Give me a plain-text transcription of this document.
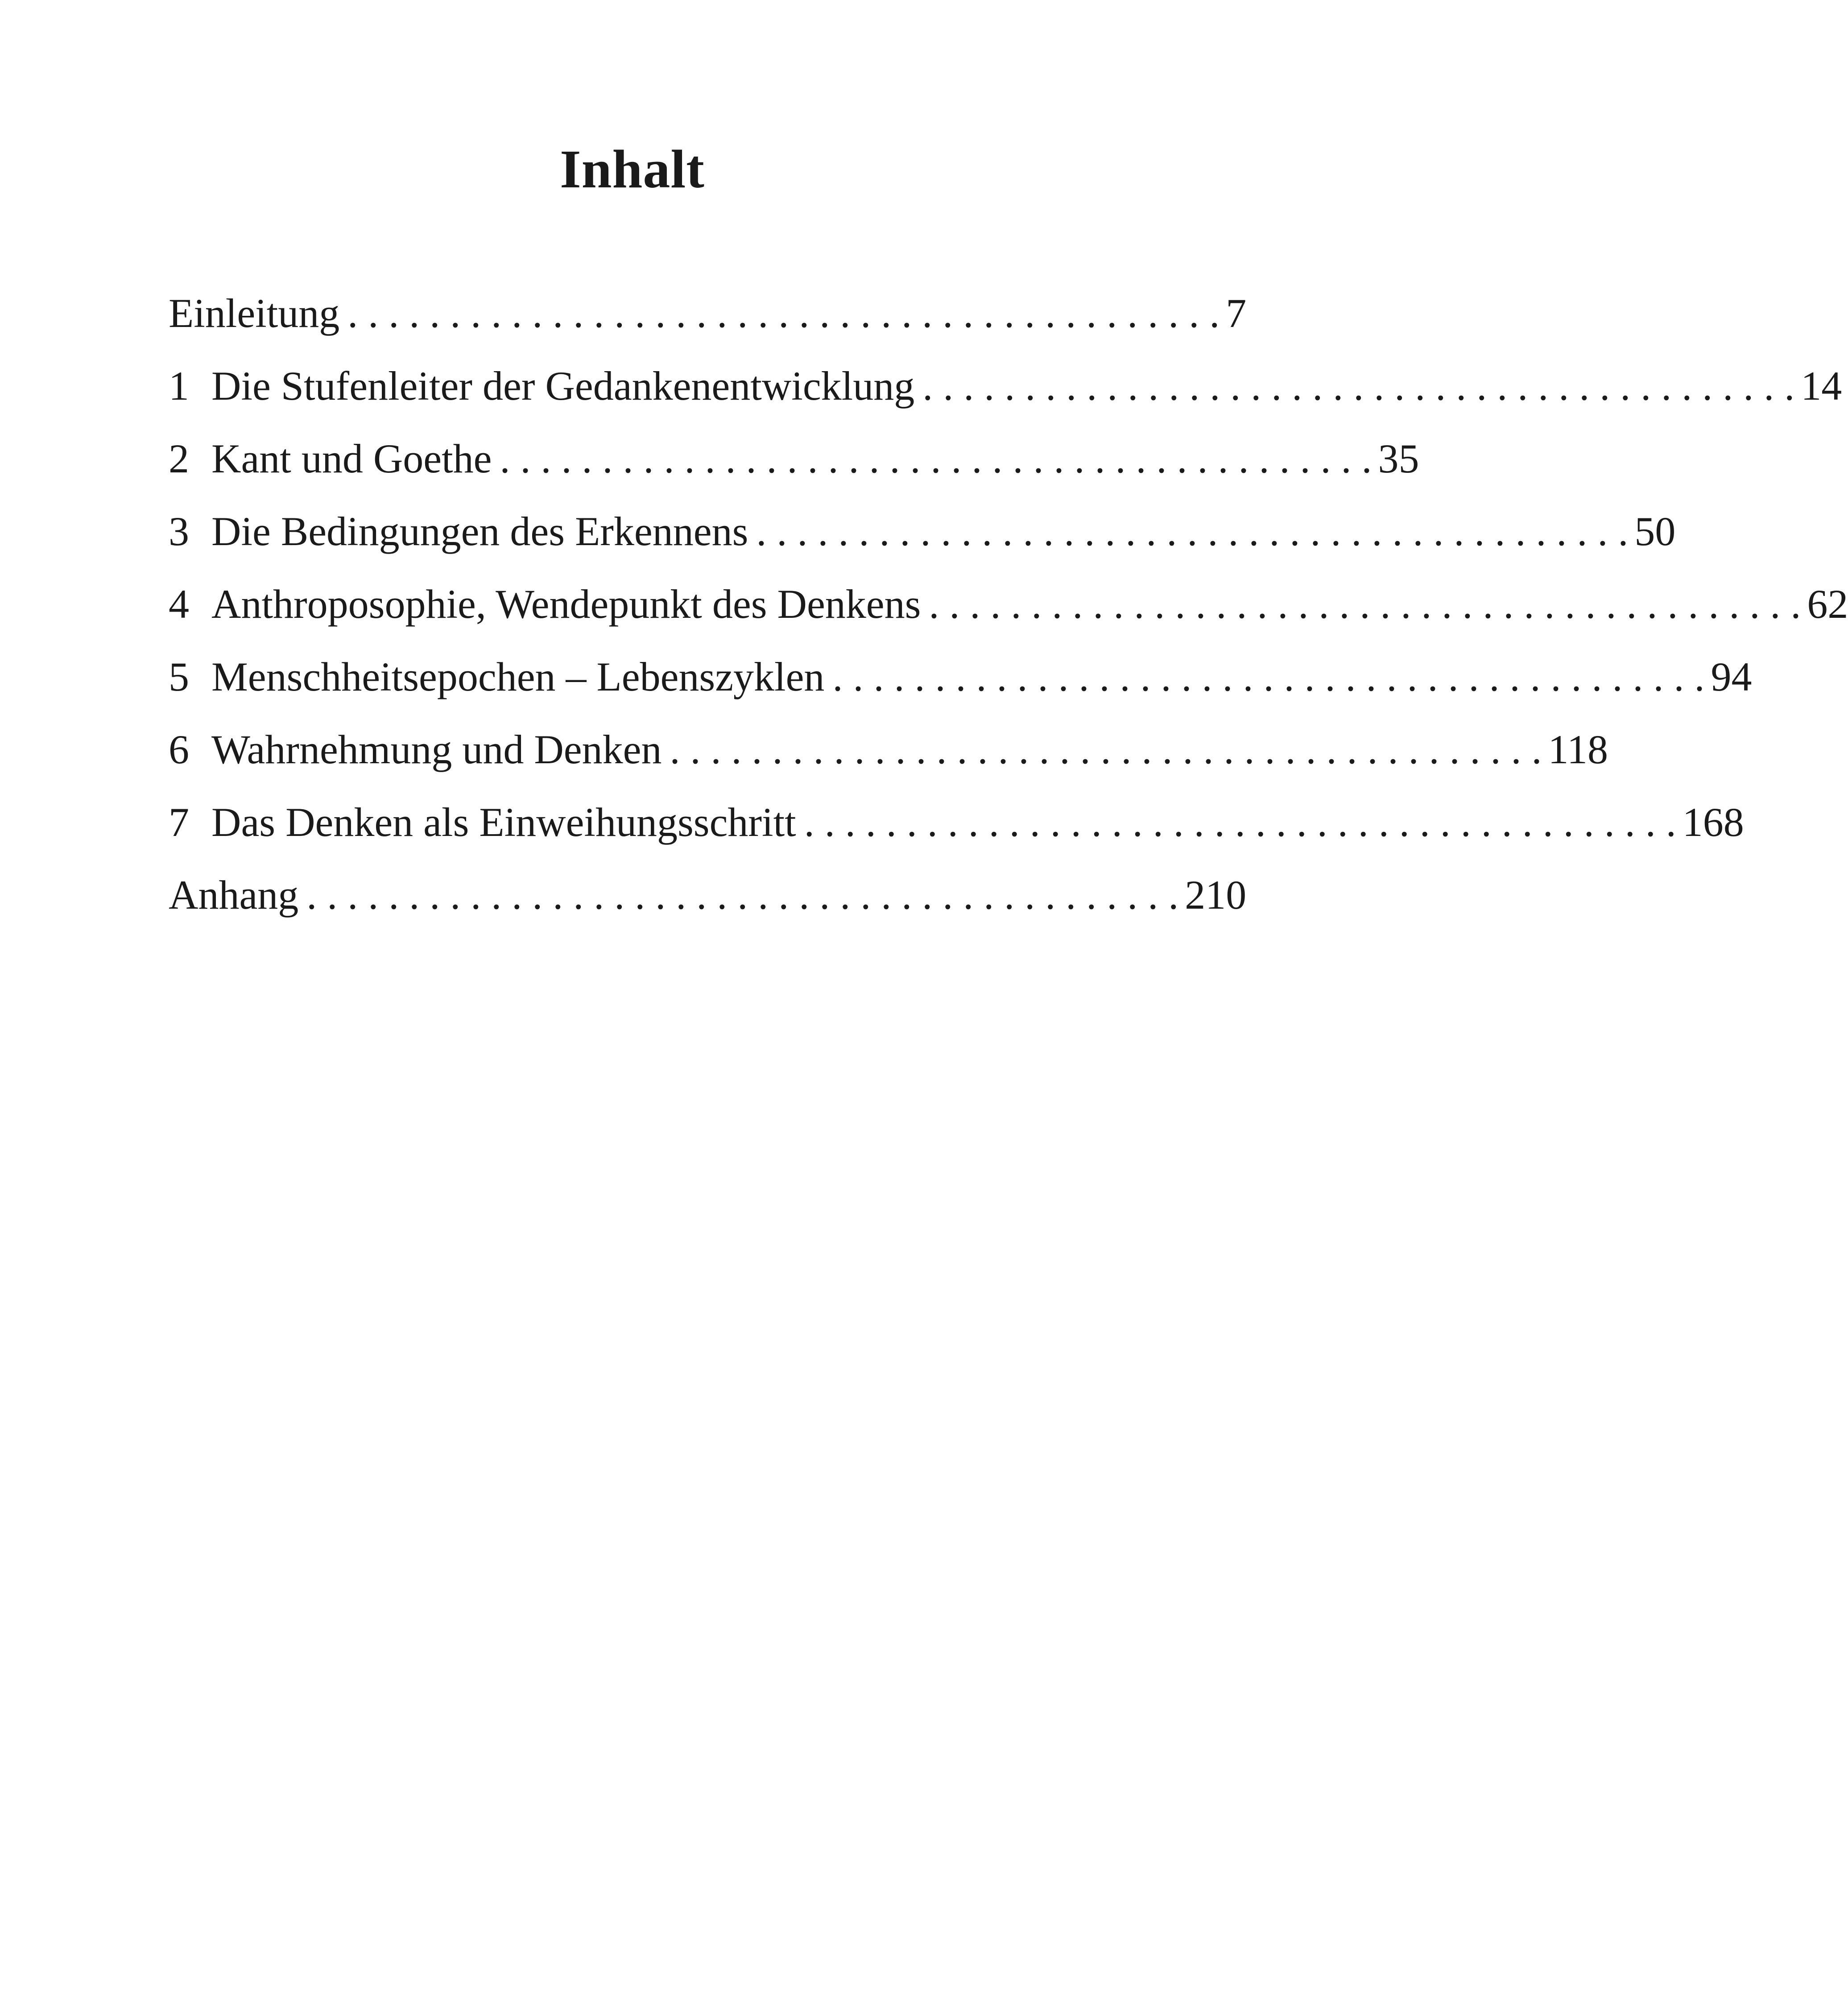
Inhalt
Einleitung . . . . . . . . . . . . . . . . . . . . . . . . . . . . . . . . . . . . . . . . . . . 7
1 Die Stufenleiter der Gedankenentwicklung . . . . . . . . . . . . . . . . . . . . . . . . . . . . . . . . . . . . . . . . . . . 14
2 Kant und Goethe . . . . . . . . . . . . . . . . . . . . . . . . . . . . . . . . . . . . . . . . . . . 35
3 Die Bedingungen des Erkennens . . . . . . . . . . . . . . . . . . . . . . . . . . . . . . . . . . . . . . . . . . . 50
4 Anthroposophie, Wendepunkt des Denkens . . . . . . . . . . . . . . . . . . . . . . . . . . . . . . . . . . . . . . . . . . . 62
5 Menschheitsepochen – Lebenszyklen . . . . . . . . . . . . . . . . . . . . . . . . . . . . . . . . . . . . . . . . . . . 94
6 Wahrnehmung und Denken . . . . . . . . . . . . . . . . . . . . . . . . . . . . . . . . . . . . . . . . . . . 118
7 Das Denken als Einweihungsschritt . . . . . . . . . . . . . . . . . . . . . . . . . . . . . . . . . . . . . . . . . . . 168
Anhang . . . . . . . . . . . . . . . . . . . . . . . . . . . . . . . . . . . . . . . . . . . 210
